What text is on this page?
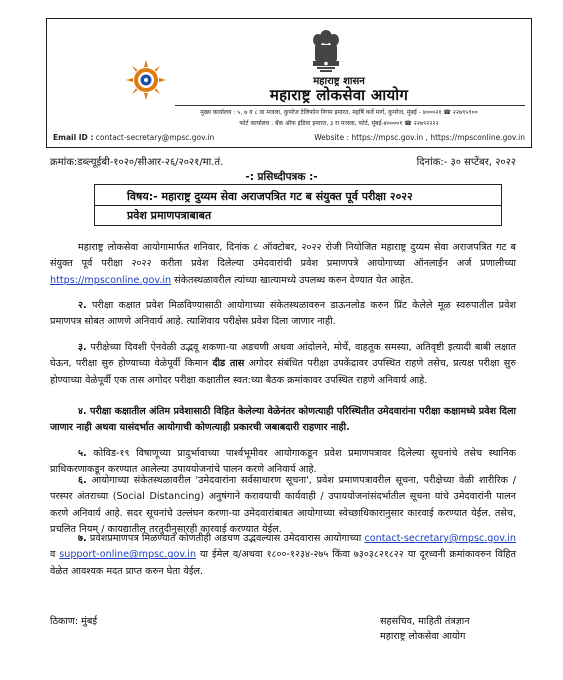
महाराष्ट्र शासन
महाराष्ट्र लोकसेवा आयोग
मुख्य कार्यालय : ५, ७ व ८ वा मजला, कुपरेज टेलिफोन निगम इमारत, महर्षि कर्वे मार्ग, कुपरेज, मुंबई - ४०००२१ ☎ २२७९५९००
फोर्ट कार्यालय : बँक ऑफ इंडिया इमारत, ३ रा मजला, फोर्ट, मुंबई-४००००१ ☎ २२७९२२२२
Email ID : contact-secretary@mpsc.gov.in	Website : https://mpsc.gov.in , https://mpsconline.gov.in
क्रमांक:डब्ल्यूईबी-१०२०/सीआर-२६/२०२१/मा.तं.	दिनांक:- ३० सप्टेंबर, २०२२
-: प्रसिध्दीपत्रक :-
विषय:- महाराष्ट्र दुय्यम सेवा अराजपत्रित गट ब संयुक्त पूर्व परीक्षा २०२२
प्रवेश प्रमाणपत्राबाबत
महाराष्ट्र लोकसेवा आयोगामार्फत शनिवार, दिनांक ८ ऑक्टोबर, २०२२ रोजी नियोजित महाराष्ट्र दुय्यम सेवा अराजपत्रित गट ब संयुक्त पूर्व परीक्षा २०२२ करीता प्रवेश दिलेल्या उमेदवारांची प्रवेश प्रमाणपत्रे आयोगाच्या ऑनलाईन अर्ज प्रणालीच्या https://mpsconline.gov.in संकेतस्थळावरील त्यांच्या खात्यामध्ये उपलब्ध करुन देण्यात येत आहेत.
२. परीक्षा कक्षात प्रवेश मिळविण्यासाठी आयोगाच्या संकेतस्थळावरुन डाऊनलोड करुन प्रिंट केलेले मूळ स्वरुपातील प्रवेश प्रमाणपत्र सोबत आणणे अनिवार्य आहे. त्याशिवाय परीक्षेस प्रवेश दिला जाणार नाही.
३. परीक्षेच्या दिवशी ऐनवेळी उद्भवू शकणा-या अडचणी अथवा आंदोलने, मोर्चे, वाहतूक समस्या, अतिवृष्टी इत्यादी बाबी लक्षात घेऊन, परीक्षा सुरु होण्याच्या वेळेपूर्वी किमान दीड तास अगोदर संबंधित परीक्षा उपकेंद्रावर उपस्थित राहणे तसेच, प्रत्यक्ष परीक्षा सुरु होण्याच्या वेळेपूर्वी एक तास अगोदर परीक्षा कक्षातील स्वत:च्या बैठक क्रमांकावर उपस्थित राहणे अनिवार्य आहे.
४. परीक्षा कक्षातील अंतिम प्रवेशासाठी विहित केलेल्या वेळेनंतर कोणत्याही परिस्थितीत उमेदवारांना परीक्षा कक्षामध्ये प्रवेश दिला जाणार नाही अथवा यासंदर्भात आयोगाची कोणत्याही प्रकारची जबाबदारी राहणार नाही.
५. कोविड-१९ विषाणूच्या प्रादुर्भावाच्या पार्श्वभूमीवर आयोगाकडून प्रवेश प्रमाणपत्रावर दिलेल्या सूचनांचे तसेच स्थानिक प्राधिकरणाकडून करण्यात आलेल्या उपाययोजनांचे पालन करणे अनिवार्य आहे.
६. आयोगाच्या संकेतस्थळावरील 'उमेदवारांना सर्वसाधारण सूचना', प्रवेश प्रमाणपत्रावरील सूचना, परीक्षेच्या वेळी शारीरिक / परस्पर अंतराच्या (Social Distancing) अनुषंगाने करावयाची कार्यवाही / उपाययोजनांसंदर्भातील सूचना यांचे उमेदवारांनी पालन करणे अनिवार्य आहे. सदर सूचनांचे उल्लंघन करणा-या उमेदवारांबाबत आयोगाच्या स्वेच्छाधिकारानुसार कारवाई करण्यात येईल. तसेच, प्रचलित नियम / कायद्यातील तरतुदीनुसारही कारवाई करण्यात येईल.
७. प्रवेशप्रमाणपत्र मिळण्यात कोणतीही अडचण उद्भवल्यास उमेदवारास आयोगाच्या contact-secretary@mpsc.gov.in व support-online@mpsc.gov.in या ईमेल व/अथवा १८००-१२३४-२७५ किंवा ७३०३८२१८२२ या दूरध्वनी क्रमांकावरुन विहित वेळेत आवश्यक मदत प्राप्त करुन घेता येईल.
ठिकाण: मुंबई	सहसचिव, माहिती तंत्रज्ञान
महाराष्ट्र लोकसेवा आयोग
